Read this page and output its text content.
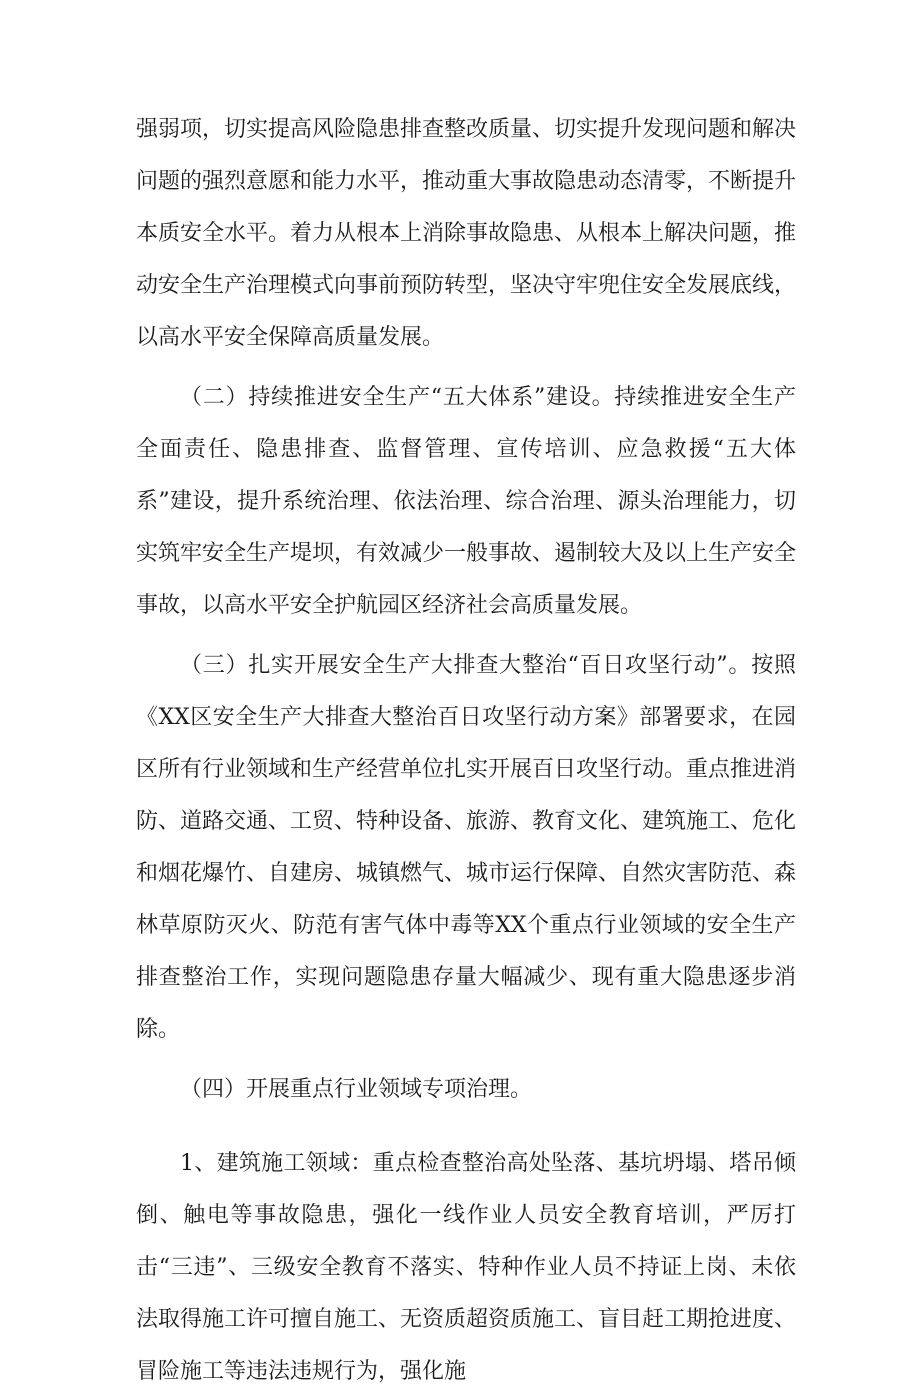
强弱项，切实提高风险隐患排查整改质量、切实提升发现问题和解决问题的强烈意愿和能力水平，推动重大事故隐患动态清零，不断提升本质安全水平。着力从根本上消除事故隐患、从根本上解决问题，推动安全生产治理模式向事前预防转型，坚决守牢兜住安全发展底线，以高水平安全保障高质量发展。

（二）持续推进安全生产“五大体系”建设。持续推进安全生产全面责任、隐患排查、监督管理、宣传培训、应急救援“五大体系”建设，提升系统治理、依法治理、综合治理、源头治理能力，切实筑牢安全生产堤坝，有效减少一般事故、遏制较大及以上生产安全事故，以高水平安全护航园区经济社会高质量发展。

（三）扎实开展安全生产大排查大整治“百日攻坚行动”。按照《XX区安全生产大排查大整治百日攻坚行动方案》部署要求，在园区所有行业领域和生产经营单位扎实开展百日攻坚行动。重点推进消防、道路交通、工贸、特种设备、旅游、教育文化、建筑施工、危化和烟花爆竹、自建房、城镇燃气、城市运行保障、自然灾害防范、森林草原防灭火、防范有害气体中毒等XX个重点行业领域的安全生产排查整治工作，实现问题隐患存量大幅减少、现有重大隐患逐步消除。

（四）开展重点行业领域专项治理。

1、建筑施工领域：重点检查整治高处坠落、基坑坍塌、塔吊倾倒、触电等事故隐患，强化一线作业人员安全教育培训，严厉打击“三违”、三级安全教育不落实、特种作业人员不持证上岗、未依法取得施工许可擅自施工、无资质超资质施工、盲目赶工期抢进度、冒险施工等违法违规行为，强化施
